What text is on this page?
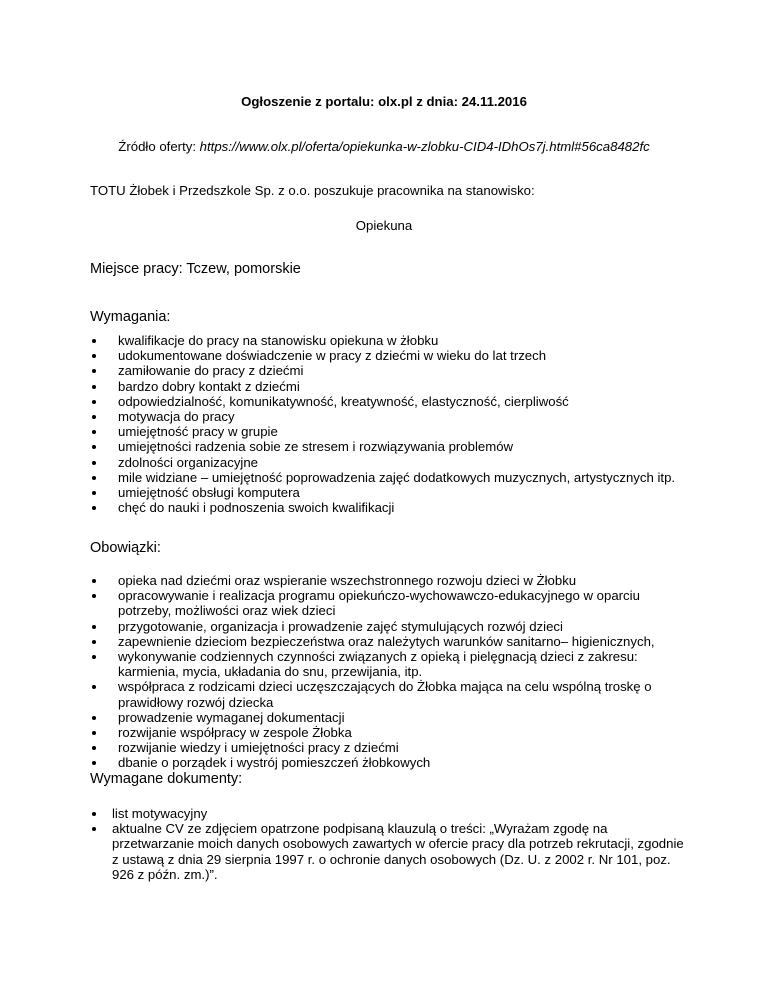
Ogłoszenie z portalu: olx.pl z dnia: 24.11.2016
Źródło oferty: https://www.olx.pl/oferta/opiekunka-w-zlobku-CID4-IDhOs7j.html#56ca8482fc
TOTU Żłobek i Przedszkole Sp. z o.o. poszukuje pracownika na stanowisko:
Opiekuna
Miejsce pracy: Tczew, pomorskie
Wymagania:
kwalifikacje do pracy na stanowisku opiekuna w żłobku
udokumentowane doświadczenie w pracy z dziećmi w wieku do lat trzech
zamiłowanie do pracy z dziećmi
bardzo dobry kontakt z dziećmi
odpowiedzialność, komunikatywność, kreatywność, elastyczność, cierpliwość
motywacja do pracy
umiejętność pracy w grupie
umiejętności radzenia sobie ze stresem i rozwiązywania problemów
zdolności organizacyjne
mile widziane – umiejętność poprowadzenia zajęć dodatkowych muzycznych, artystycznych itp.
umiejętność obsługi komputera
chęć do nauki i podnoszenia swoich kwalifikacji
Obowiązki:
opieka nad dziećmi oraz wspieranie wszechstronnego rozwoju dzieci w Żłobku
opracowywanie i realizacja programu opiekuńczo-wychowawczo-edukacyjnego w oparciu potrzeby, możliwości oraz wiek dzieci
przygotowanie, organizacja i prowadzenie zajęć stymulujących rozwój dzieci
zapewnienie dzieciom bezpieczeństwa oraz należytych warunków sanitarno– higienicznych,
wykonywanie codziennych czynności związanych z opieką i pielęgnacją dzieci z zakresu: karmienia, mycia, układania do snu, przewijania, itp.
współpraca z rodzicami dzieci uczęszczających do Żłobka mająca na celu wspólną troskę o prawidłowy rozwój dziecka
prowadzenie wymaganej dokumentacji
rozwijanie współpracy w zespole Żłobka
rozwijanie wiedzy i umiejętności pracy z dziećmi
dbanie o porządek i wystrój pomieszczeń żłobkowych
Wymagane dokumenty:
list motywacyjny
aktualne CV ze zdjęciem opatrzone podpisaną klauzulą o treści: „Wyrażam zgodę na przetwarzanie moich danych osobowych zawartych w ofercie pracy dla potrzeb rekrutacji, zgodnie z ustawą z dnia 29 sierpnia 1997 r. o ochronie danych osobowych (Dz. U. z 2002 r. Nr 101, poz. 926 z późn. zm.)”.
